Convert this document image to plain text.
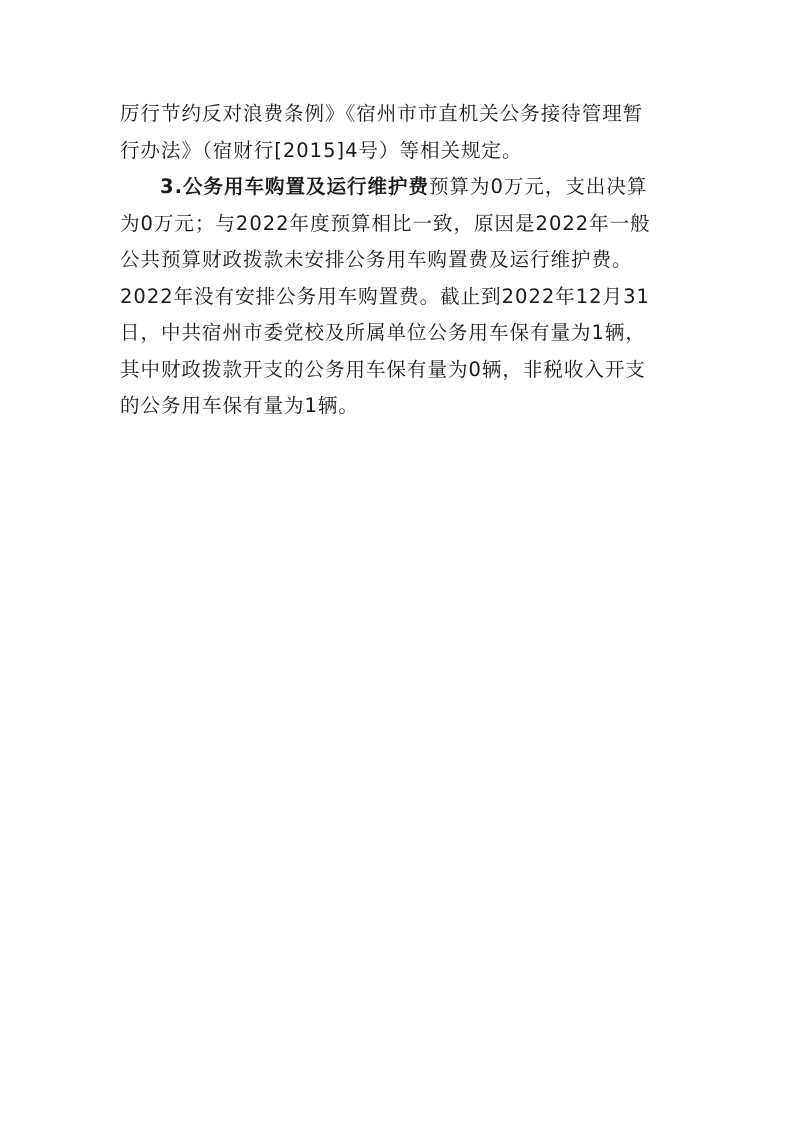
厉行节约反对浪费条例》《宿州市市直机关公务接待管理暂
行办法》（宿财行[2015]4号）等相关规定。
3.公务用车购置及运行维护费预算为0万元，支出决算
为0万元；与2022年度预算相比一致，原因是2022年一般
公共预算财政拨款未安排公务用车购置费及运行维护费。
2022年没有安排公务用车购置费。截止到2022年12月31
日，中共宿州市委党校及所属单位公务用车保有量为1辆，
其中财政拨款开支的公务用车保有量为0辆，非税收入开支
的公务用车保有量为1辆。
